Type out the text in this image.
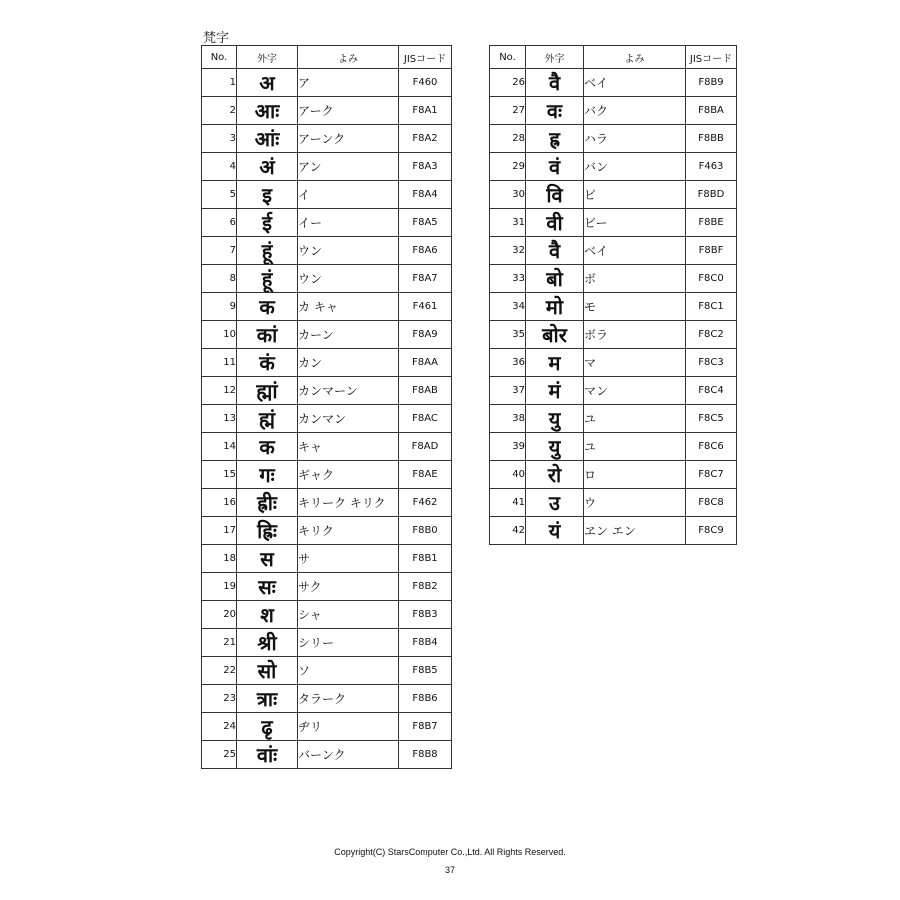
梵字
No.	外字	よみ	JISコード
1	अ	ア	F460
2	आः	アーク	F8A1
3	आंः	アーンク	F8A2
4	अं	アン	F8A3
5	इ	イ	F8A4
6	ई	イー	F8A5
7	हूं	ウン	F8A6
8	हूं	ウン	F8A7
9	क	カ キャ	F461
10	कां	カーン	F8A9
11	कं	カン	F8AA
12	ह्मां	カンマーン	F8AB
13	ह्मं	カンマン	F8AC
14	क	キャ	F8AD
15	गः	ギャク	F8AE
16	ह्रीः	キリーク キリク	F462
17	ह्रिः	キリク	F8B0
18	स	サ	F8B1
19	सः	サク	F8B2
20	श	シャ	F8B3
21	श्री	シリー	F8B4
22	सो	ソ	F8B5
23	त्राः	タラーク	F8B6
24	ढृ	ヂリ	F8B7
25	वांः	バーンク	F8B8
No.	外字	よみ	JISコード
26	वै	ベイ	F8B9
27	वः	バク	F8BA
28	ह्र	ハラ	F8BB
29	वं	バン	F463
30	वि	ビ	F8BD
31	वी	ビー	F8BE
32	वै	ベイ	F8BF
33	बो	ボ	F8C0
34	मो	モ	F8C1
35	बोर	ボラ	F8C2
36	म	マ	F8C3
37	मं	マン	F8C4
38	यु	ユ	F8C5
39	यु	ユ	F8C6
40	रो	ロ	F8C7
41	उ	ウ	F8C8
42	यं	ヱン エン	F8C9
Copyright(C) StarsComputer Co.,Ltd. All Rights Reserved.
37
